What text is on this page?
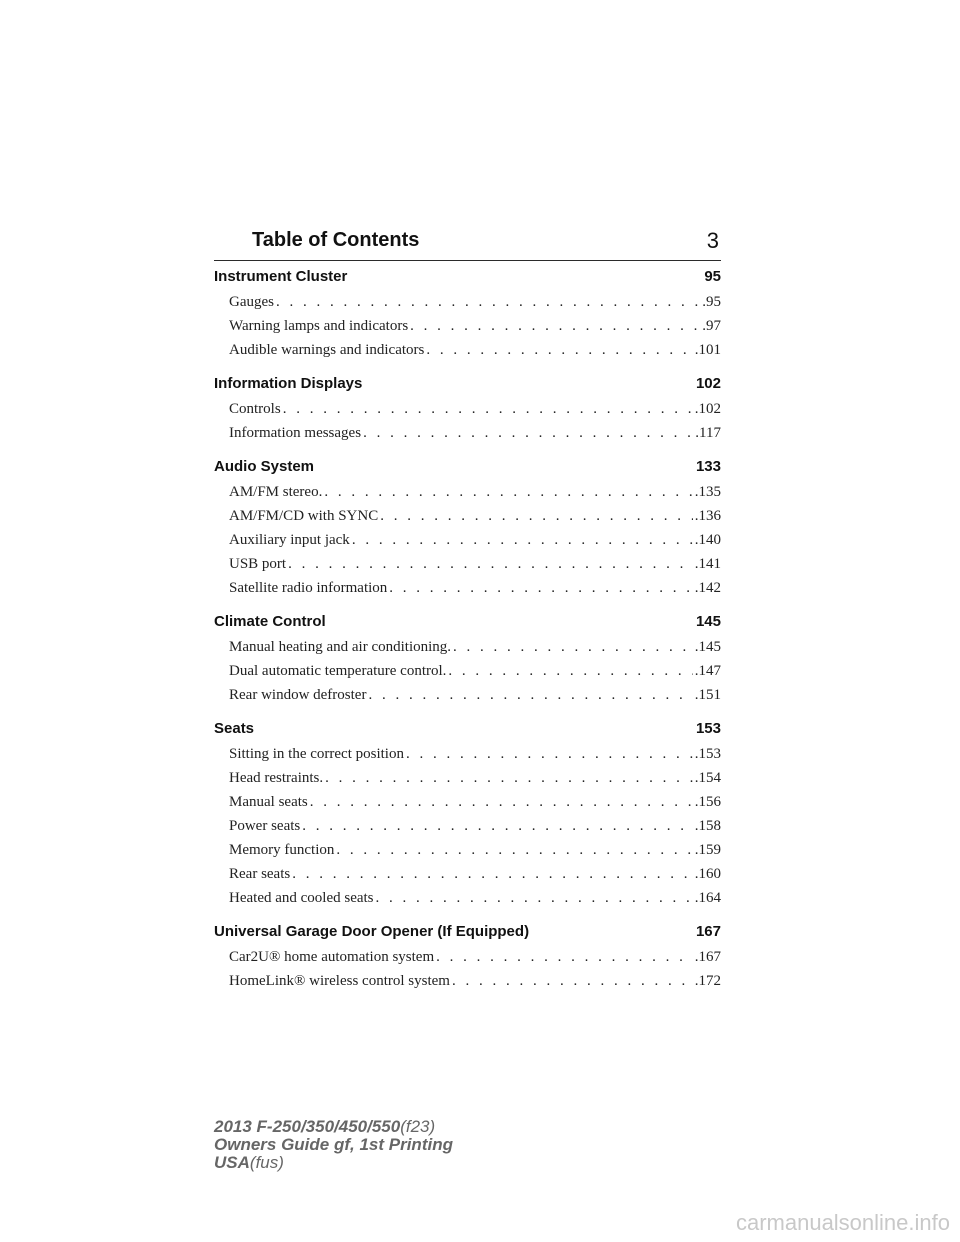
Table of Contents	3
Instrument Cluster	95
Gauges . . .	.95
Warning lamps and indicators . . .	.97
Audible warnings and indicators . . .	.101
Information Displays	102
Controls . . .	.102
Information messages . . .	.117
Audio System	133
AM/FM stereo. . . .	.135
AM/FM/CD with SYNC . . .	.136
Auxiliary input jack . . .	.140
USB port . . .	.141
Satellite radio information . . .	.142
Climate Control	145
Manual heating and air conditioning. . . .	.145
Dual automatic temperature control. . . .	.147
Rear window defroster . . .	.151
Seats	153
Sitting in the correct position . . .	.153
Head restraints. . . .	.154
Manual seats . . .	.156
Power seats . . .	.158
Memory function . . .	.159
Rear seats . . .	.160
Heated and cooled seats . . .	.164
Universal Garage Door Opener (If Equipped)	167
Car2U® home automation system . . .	.167
HomeLink® wireless control system . . .	.172
2013 F-250/350/450/550(f23)
Owners Guide gf, 1st Printing
USA(fus)
carmanualsonline.info
